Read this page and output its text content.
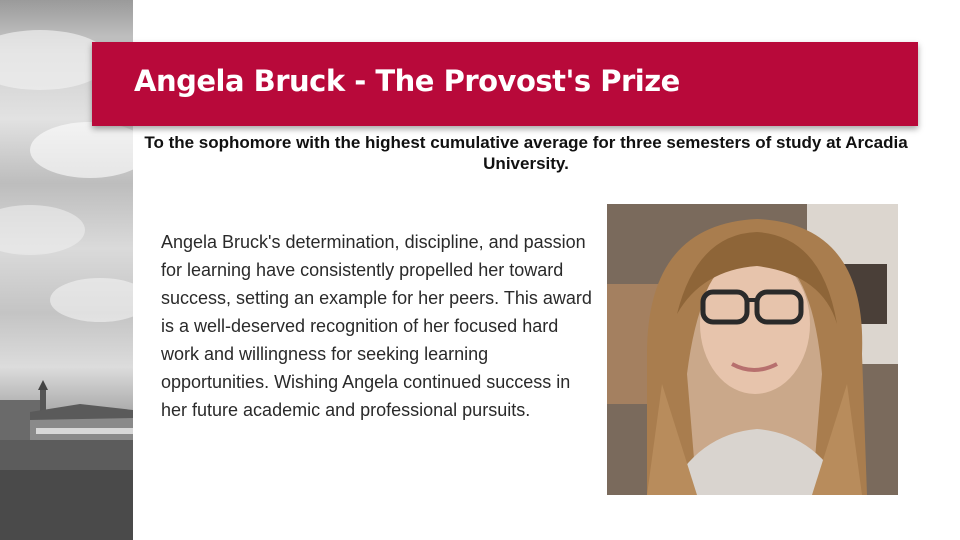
Angela Bruck - The Provost's Prize
To the sophomore with the highest cumulative average for three semesters of study at Arcadia University.
Angela Bruck's determination, discipline, and passion for learning have consistently propelled her toward success, setting an example for her peers. This award is a well-deserved recognition of her focused hard work and willingness for seeking learning opportunities. Wishing Angela continued success in her future academic and professional pursuits.
